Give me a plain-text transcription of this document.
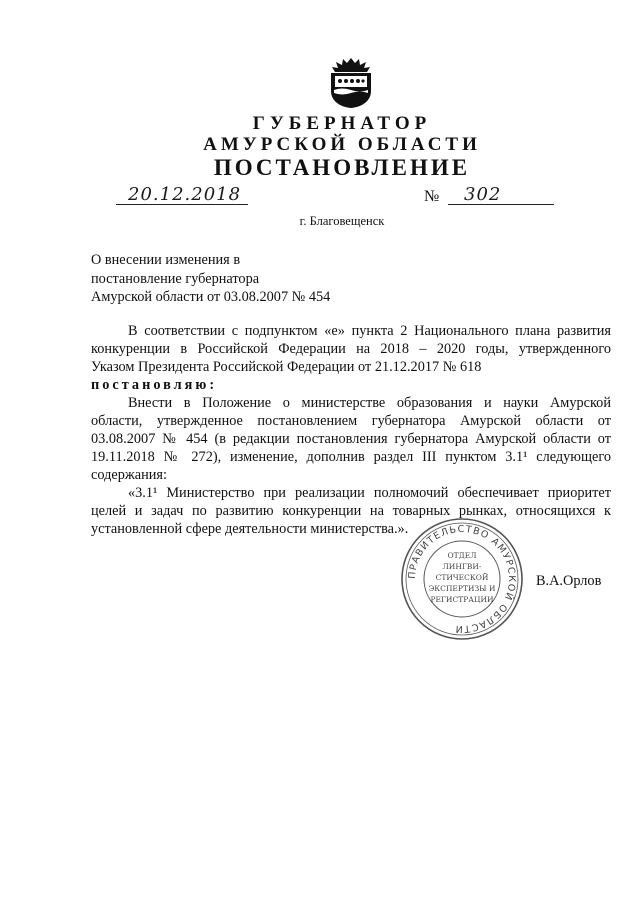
ГУБЕРНАТОР
АМУРСКОЙ ОБЛАСТИ
ПОСТАНОВЛЕНИЕ
20.12.2018	№ 302
г. Благовещенск
О внесении изменения в
постановление губернатора
Амурской области от 03.08.2007 № 454
В соответствии с подпунктом «е» пункта 2 Национального плана развития
конкуренции в Российской Федерации на 2018 – 2020 годы, утвержденного
Указом Президента Российской Федерации от 21.12.2017 № 618
постановляю:
Внести в Положение о министерстве образования и науки Амурской
области, утвержденное постановлением губернатора Амурской области от
03.08.2007 № 454 (в редакции постановления губернатора Амурской области от
19.11.2018 № 272), изменение, дополнив раздел III пунктом 3.1¹ следующего
содержания:
«3.1¹ Министерство при реализации полномочий обеспечивает приоритет
целей и задач по развитию конкуренции на товарных рынках, относящихся к
установленной сфере деятельности министерства.».
ПРАВИТЕЛЬСТВО АМУРСКОЙ ОБЛАСТИ
ОТДЕЛ
ЛИНГВИ-
СТИЧЕСКОЙ
ЭКСПЕРТИЗЫ И
РЕГИСТРАЦИИ
В.А.Орлов
